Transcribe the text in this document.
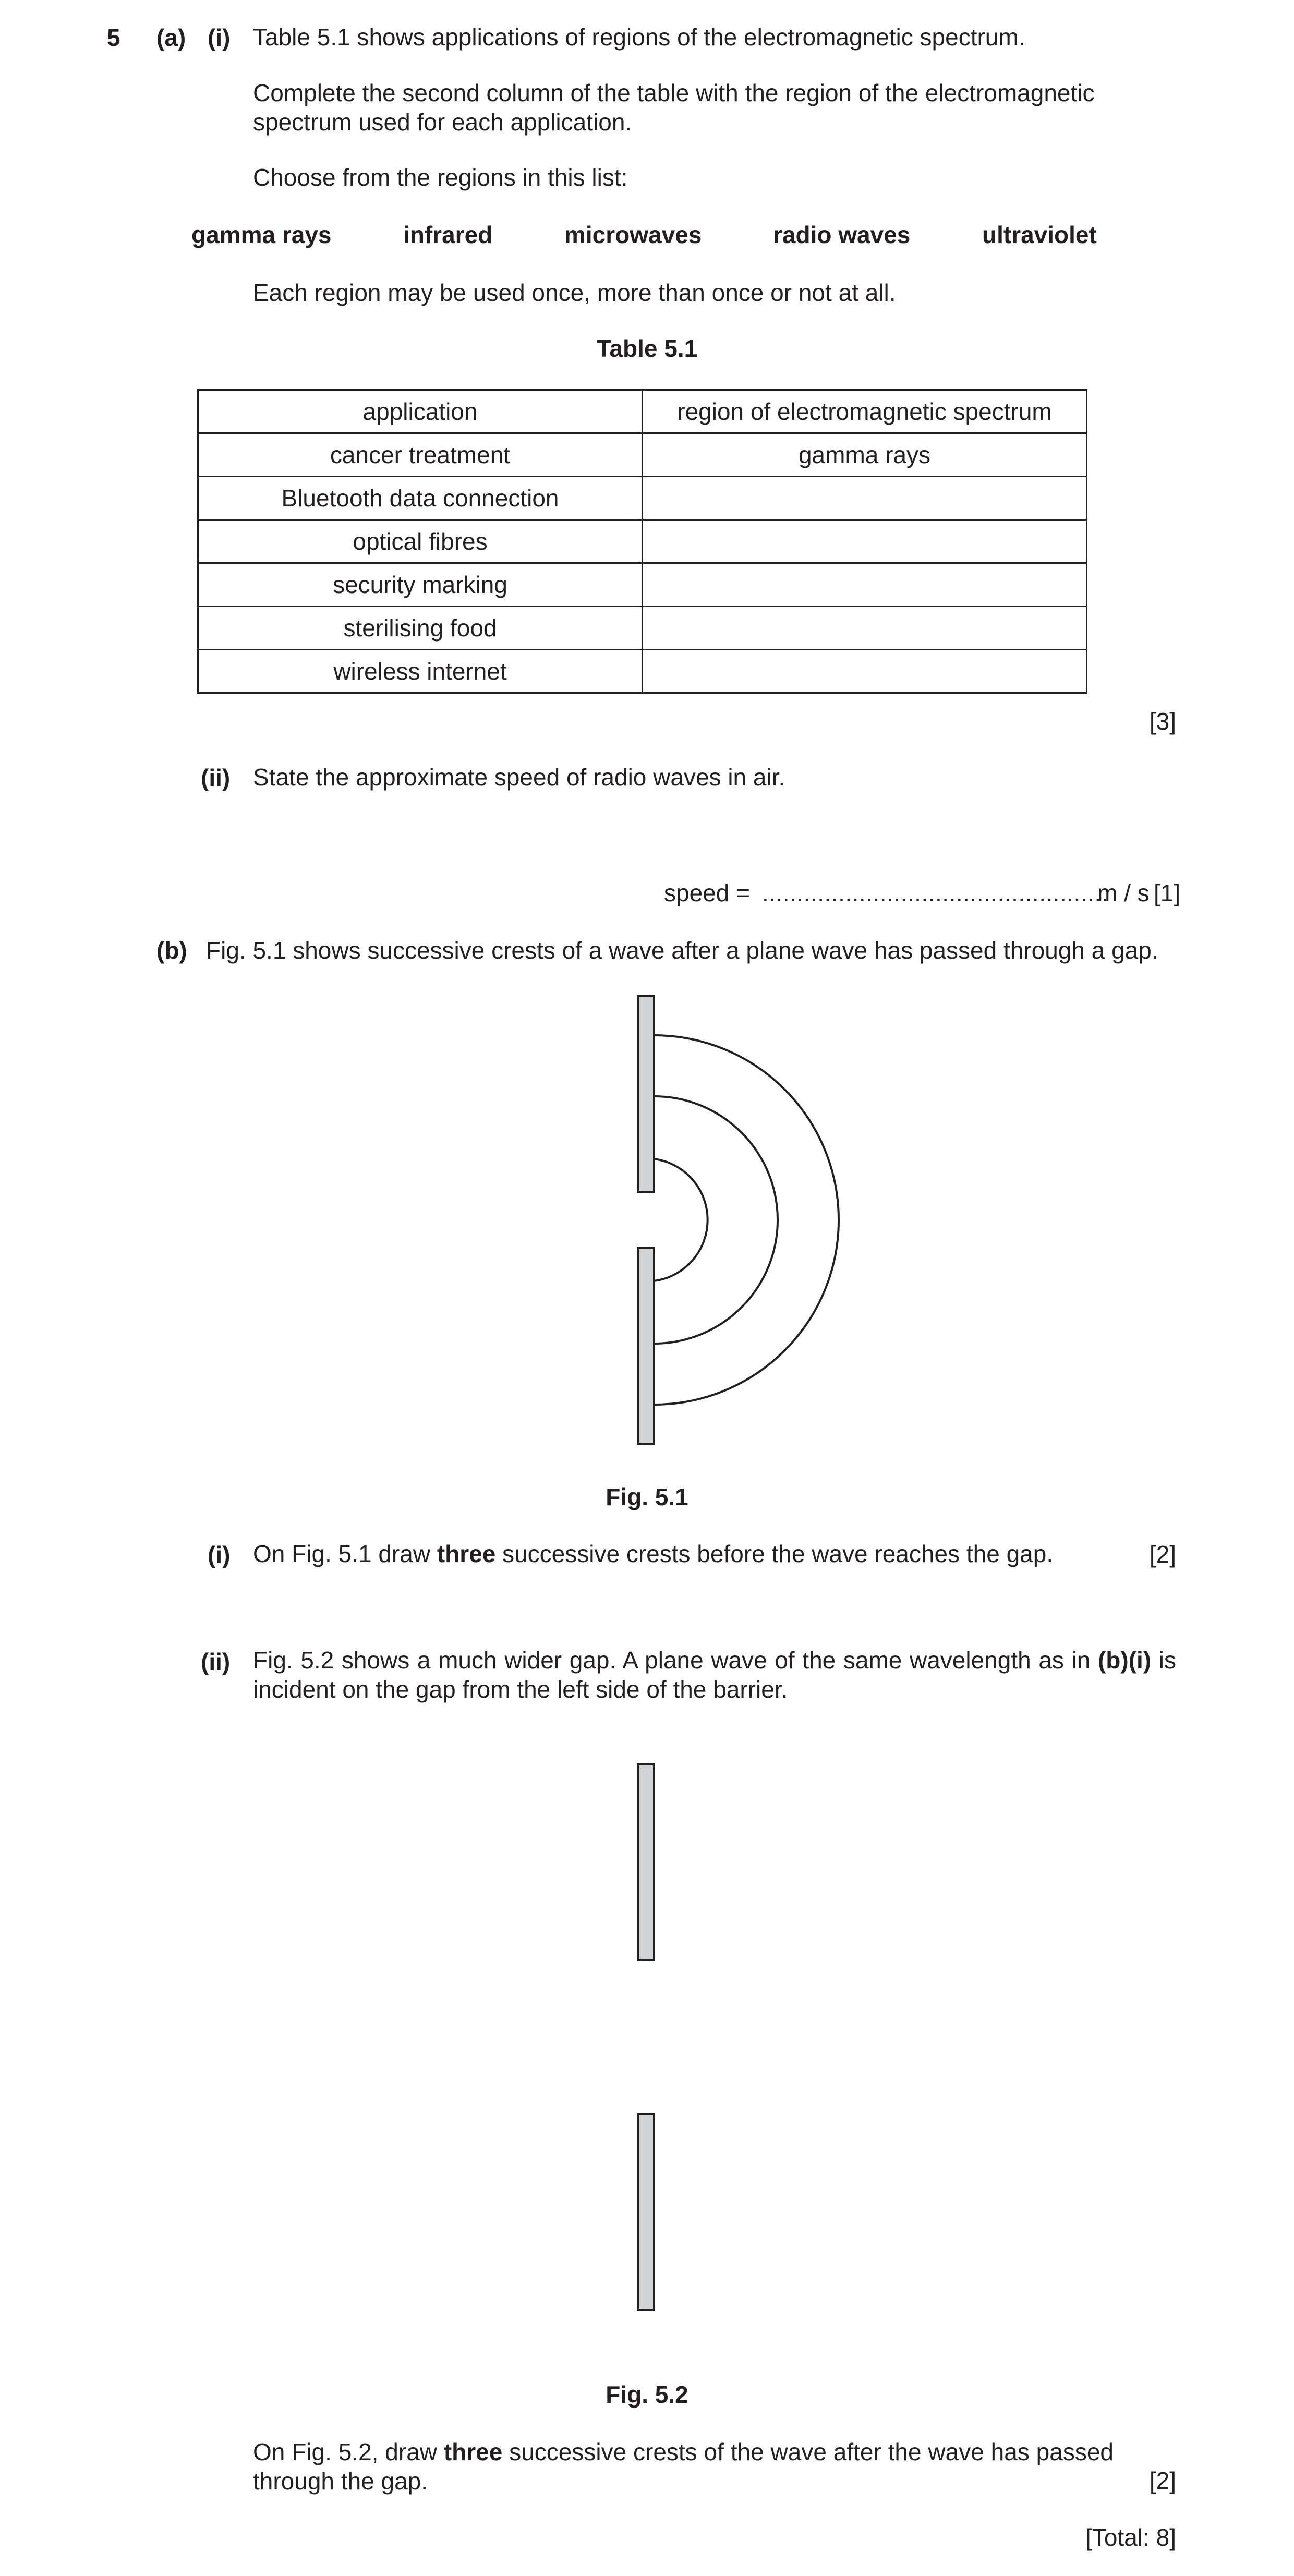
5 (a) (i) Table 5.1 shows applications of regions of the electromagnetic spectrum.
Complete the second column of the table with the region of the electromagnetic spectrum used for each application.
Choose from the regions in this list:
gamma rays	infrared	microwaves	radio waves	ultraviolet
Each region may be used once, more than once or not at all.
Table 5.1
application	region of electromagnetic spectrum
cancer treatment	gamma rays
Bluetooth data connection	
optical fibres	
security marking	
sterilising food	
wireless internet	
[3]
(ii) State the approximate speed of radio waves in air.
speed = ..................................................
m / s [1]
(b) Fig. 5.1 shows successive crests of a wave after a plane wave has passed through a gap.
Fig. 5.1
(i) On Fig. 5.1 draw three successive crests before the wave reaches the gap.	[2]
(ii) Fig. 5.2 shows a much wider gap. A plane wave of the same wavelength as in (b)(i) is incident on the gap from the left side of the barrier.
Fig. 5.2
On Fig. 5.2, draw three successive crests of the wave after the wave has passed through the gap.	[2]
[Total: 8]
